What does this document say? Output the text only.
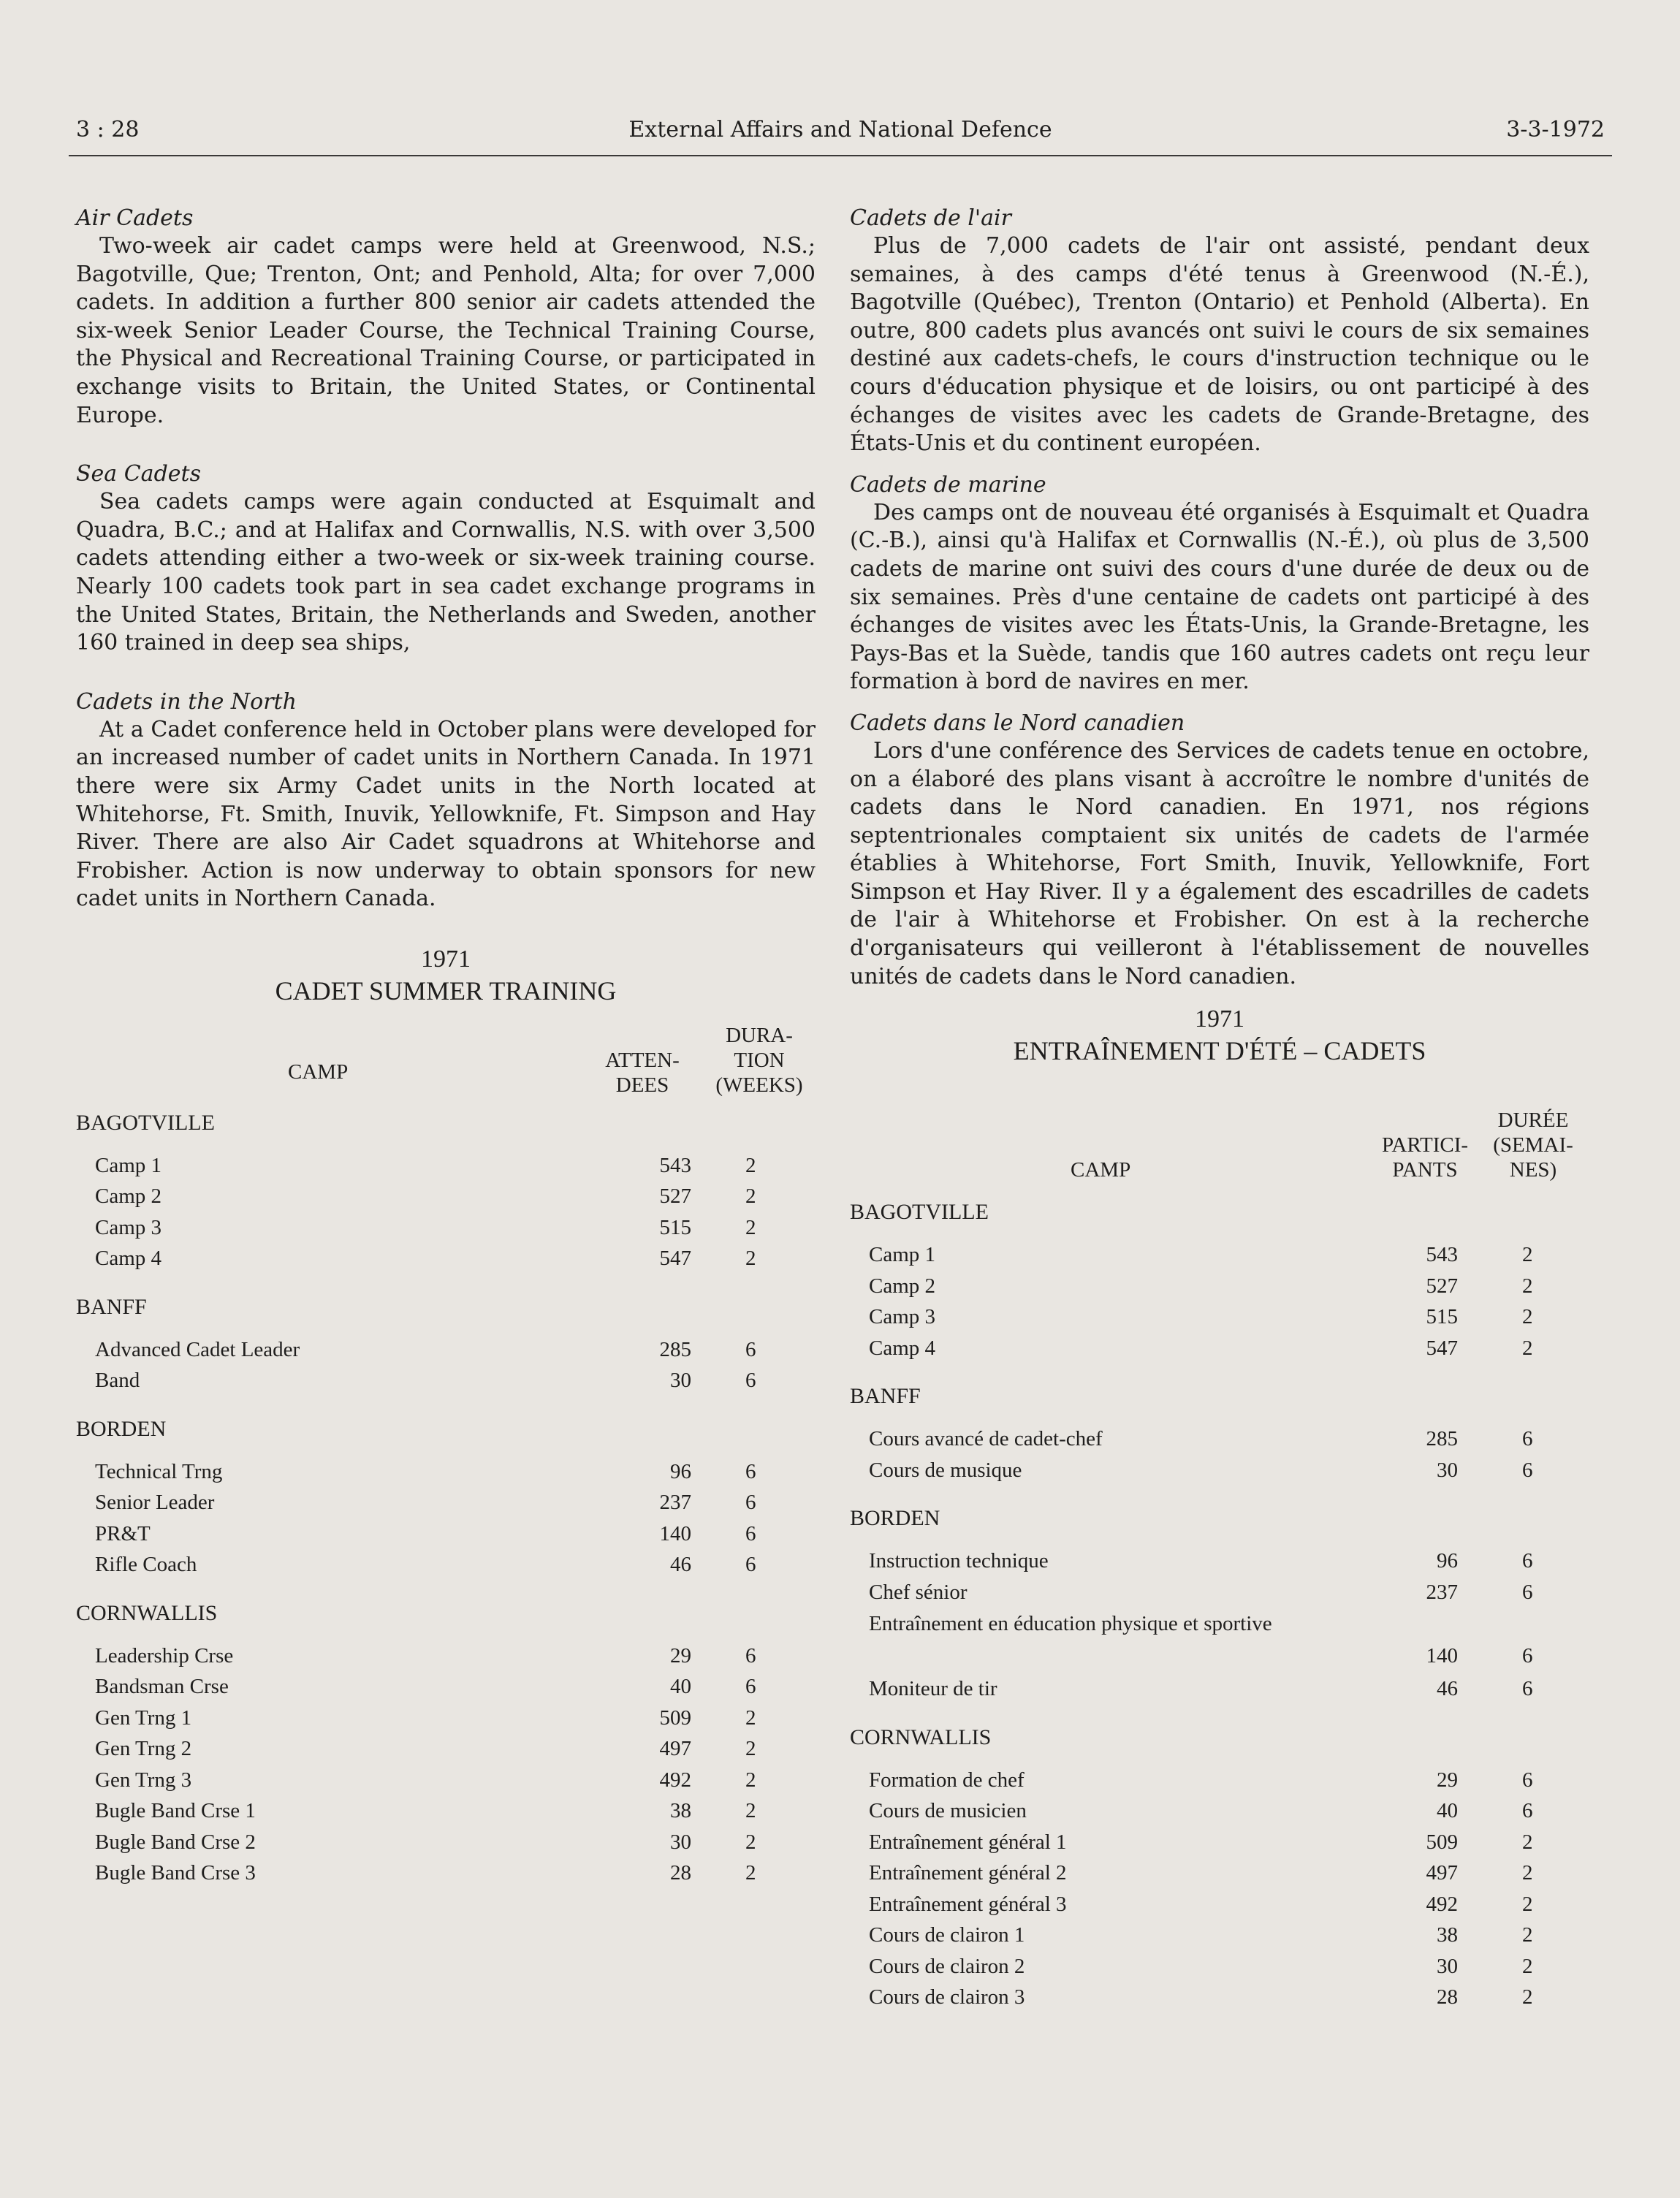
3 : 28	External Affairs and National Defence	3-3-1972
Air Cadets
Two-week air cadet camps were held at Greenwood, N.S.; Bagotville, Que; Trenton, Ont; and Penhold, Alta; for over 7,000 cadets. In addition a further 800 senior air cadets attended the six-week Senior Leader Course, the Technical Training Course, the Physical and Recreational Training Course, or participated in exchange visits to Britain, the United States, or Continental Europe.
Sea Cadets
Sea cadets camps were again conducted at Esquimalt and Quadra, B.C.; and at Halifax and Cornwallis, N.S. with over 3,500 cadets attending either a two-week or six-week training course. Nearly 100 cadets took part in sea cadet exchange programs in the United States, Britain, the Netherlands and Sweden, another 160 trained in deep sea ships,
Cadets in the North
At a Cadet conference held in October plans were developed for an increased number of cadet units in Northern Canada. In 1971 there were six Army Cadet units in the North located at Whitehorse, Ft. Smith, Inuvik, Yellowknife, Ft. Simpson and Hay River. There are also Air Cadet squadrons at Whitehorse and Frobisher. Action is now underway to obtain sponsors for new cadet units in Northern Canada.
1971
CADET SUMMER TRAINING
CAMP	ATTEN-
DEES
DURA-
TION
(WEEKS)
BAGOTVILLE
Camp 1	543	2
Camp 2	527	2
Camp 3	515	2
Camp 4	547	2
BANFF
Advanced Cadet Leader	285	6
Band	30	6
BORDEN
Technical Trng	96	6
Senior Leader	237	6
PR&T	140	6
Rifle Coach	46	6
CORNWALLIS
Leadership Crse	29	6
Bandsman Crse	40	6
Gen Trng 1	509	2
Gen Trng 2	497	2
Gen Trng 3	492	2
Bugle Band Crse 1	38	2
Bugle Band Crse 2	30	2
Bugle Band Crse 3	28	2
Cadets de l'air
Plus de 7,000 cadets de l'air ont assisté, pendant deux semaines, à des camps d'été tenus à Greenwood (N.-É.), Bagotville (Québec), Trenton (Ontario) et Penhold (Alberta). En outre, 800 cadets plus avancés ont suivi le cours de six semaines destiné aux cadets-chefs, le cours d'instruction technique ou le cours d'éducation physique et de loisirs, ou ont participé à des échanges de visites avec les cadets de Grande-Bretagne, des États-Unis et du continent européen.
Cadets de marine
Des camps ont de nouveau été organisés à Esquimalt et Quadra (C.-B.), ainsi qu'à Halifax et Cornwallis (N.-É.), où plus de 3,500 cadets de marine ont suivi des cours d'une durée de deux ou de six semaines. Près d'une centaine de cadets ont participé à des échanges de visites avec les États-Unis, la Grande-Bretagne, les Pays-Bas et la Suède, tandis que 160 autres cadets ont reçu leur formation à bord de navires en mer.
Cadets dans le Nord canadien
Lors d'une conférence des Services de cadets tenue en octobre, on a élaboré des plans visant à accroître le nombre d'unités de cadets dans le Nord canadien. En 1971, nos régions septentrionales comptaient six unités de cadets de l'armée établies à Whitehorse, Fort Smith, Inuvik, Yellowknife, Fort Simpson et Hay River. Il y a également des escadrilles de cadets de l'air à Whitehorse et Frobisher. On est à la recherche d'organisateurs qui veilleront à l'établissement de nouvelles unités de cadets dans le Nord canadien.
1971
ENTRAÎNEMENT D'ÉTÉ – CADETS
CAMP
PARTICI-
PANTS
DURÉE
(SEMAI-
NES)
BAGOTVILLE
Camp 1	543	2
Camp 2	527	2
Camp 3	515	2
Camp 4	547	2
BANFF
Cours avancé de cadet-chef	285	6
Cours de musique	30	6
BORDEN
Instruction technique	96	6
Chef sénior	237	6
Entraînement en éducation physique et sportive
140	6
Moniteur de tir	46	6
CORNWALLIS
Formation de chef	29	6
Cours de musicien	40	6
Entraînement général 1	509	2
Entraînement général 2	497	2
Entraînement général 3	492	2
Cours de clairon 1	38	2
Cours de clairon 2	30	2
Cours de clairon 3	28	2
